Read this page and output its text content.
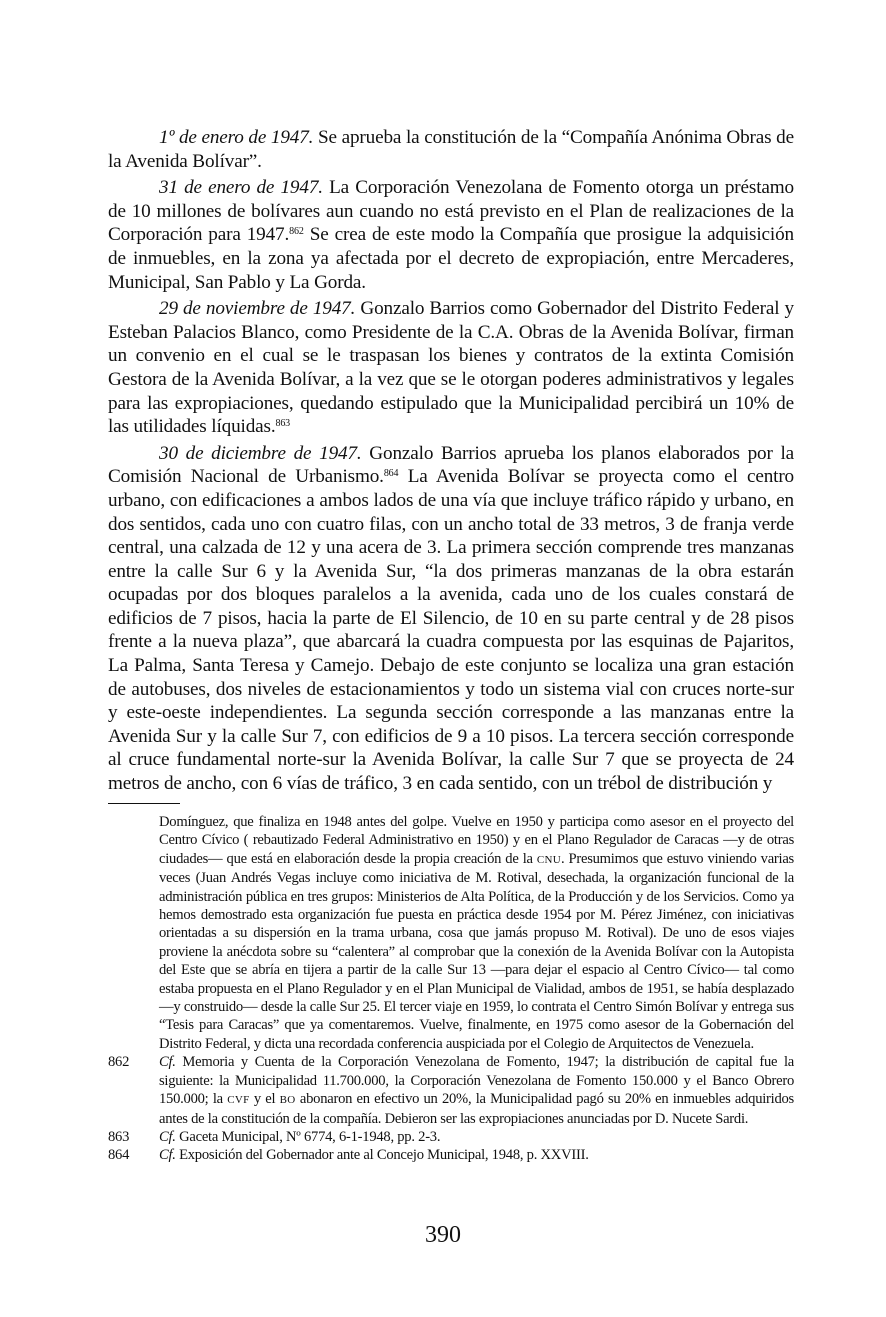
1º de enero de 1947. Se aprueba la constitución de la “Compañía Anónima Obras de la Avenida Bolívar”.

31 de enero de 1947. La Corporación Venezolana de Fomento otorga un préstamo de 10 millones de bolívares aun cuando no está previsto en el Plan de realizaciones de la Corporación para 1947.$^{862}$ Se crea de este modo la Compañía que prosigue la adquisición de inmuebles, en la zona ya afectada por el decreto de expropiación, entre Mercaderes, Municipal, San Pablo y La Gorda.

29 de noviembre de 1947. Gonzalo Barrios como Gobernador del Distrito Federal y Esteban Palacios Blanco, como Presidente de la C.A. Obras de la Avenida Bolívar, firman un convenio en el cual se le traspasan los bienes y contratos de la extinta Comisión Gestora de la Avenida Bolívar, a la vez que se le otorgan poderes administrativos y legales para las expropiaciones, quedando estipulado que la Municipalidad percibirá un 10% de las utilidades líquidas.$^{863}$

30 de diciembre de 1947. Gonzalo Barrios aprueba los planos elaborados por la Comisión Nacional de Urbanismo.$^{864}$ La Avenida Bolívar se proyecta como el centro urbano, con edificaciones a ambos lados de una vía que incluye tráfico rápido y urbano, en dos sentidos, cada uno con cuatro filas, con un ancho total de 33 metros, 3 de franja verde central, una calzada de 12 y una acera de 3. La primera sección comprende tres manzanas entre la calle Sur 6 y la Avenida Sur, “la dos primeras manzanas de la obra estarán ocupadas por dos bloques paralelos a la avenida, cada uno de los cuales constará de edificios de 7 pisos, hacia la parte de El Silencio, de 10 en su parte central y de 28 pisos frente a la nueva plaza”, que abarcará la cuadra compuesta por las esquinas de Pajaritos, La Palma, Santa Teresa y Camejo. Debajo de este conjunto se localiza una gran estación de autobuses, dos niveles de estacionamientos y todo un sistema vial con cruces norte-sur y este-oeste independientes. La segunda sección corresponde a las manzanas entre la Avenida Sur y la calle Sur 7, con edificios de 9 a 10 pisos. La tercera sección corresponde al cruce fundamental norte-sur la Avenida Bolívar, la calle Sur 7 que se proyecta de 24 metros de ancho, con 6 vías de tráfico, 3 en cada sentido, con un trébol de distribución y

Domínguez, que finaliza en 1948 antes del golpe. Vuelve en 1950 y participa como asesor en el proyecto del Centro Cívico ( rebautizado Federal Administrativo en 1950) y en el Plano Regulador de Caracas —y de otras ciudades— que está en elaboración desde la propia creación de la CNU. Presumimos que estuvo viniendo varias veces (Juan Andrés Vegas incluye como iniciativa de M. Rotival, desechada, la organización funcional de la administración pública en tres grupos: Ministerios de Alta Política, de la Producción y de los Servicios. Como ya hemos demostrado esta organización fue puesta en práctica desde 1954 por M. Pérez Jiménez, con iniciativas orientadas a su dispersión en la trama urbana, cosa que jamás propuso M. Rotival). De uno de esos viajes proviene la anécdota sobre su “calentera” al comprobar que la conexión de la Avenida Bolívar con la Autopista del Este que se abría en tijera a partir de la calle Sur 13 —para dejar el espacio al Centro Cívico— tal como estaba propuesta en el Plano Regulador y en el Plan Municipal de Vialidad, ambos de 1951, se había desplazado —y construido— desde la calle Sur 25. El tercer viaje en 1959, lo contrata el Centro Simón Bolívar y entrega sus “Tesis para Caracas” que ya comentaremos. Vuelve, finalmente, en 1975 como asesor de la Gobernación del Distrito Federal, y dicta una recordada conferencia auspiciada por el Colegio de Arquitectos de Venezuela.
862	Cf. Memoria y Cuenta de la Corporación Venezolana de Fomento, 1947; la distribución de capital fue la siguiente: la Municipalidad 11.700.000, la Corporación Venezolana de Fomento 150.000 y el Banco Obrero 150.000; la CVF y el BO abonaron en efectivo un 20%, la Municipalidad pagó su 20% en inmuebles adquiridos antes de la constitución de la compañía. Debieron ser las expropiaciones anunciadas por D. Nucete Sardi.
863	Cf. Gaceta Municipal, Nº 6774, 6-1-1948, pp. 2-3.
864	Cf. Exposición del Gobernador ante al Concejo Municipal, 1948, p. XXVIII.
390
